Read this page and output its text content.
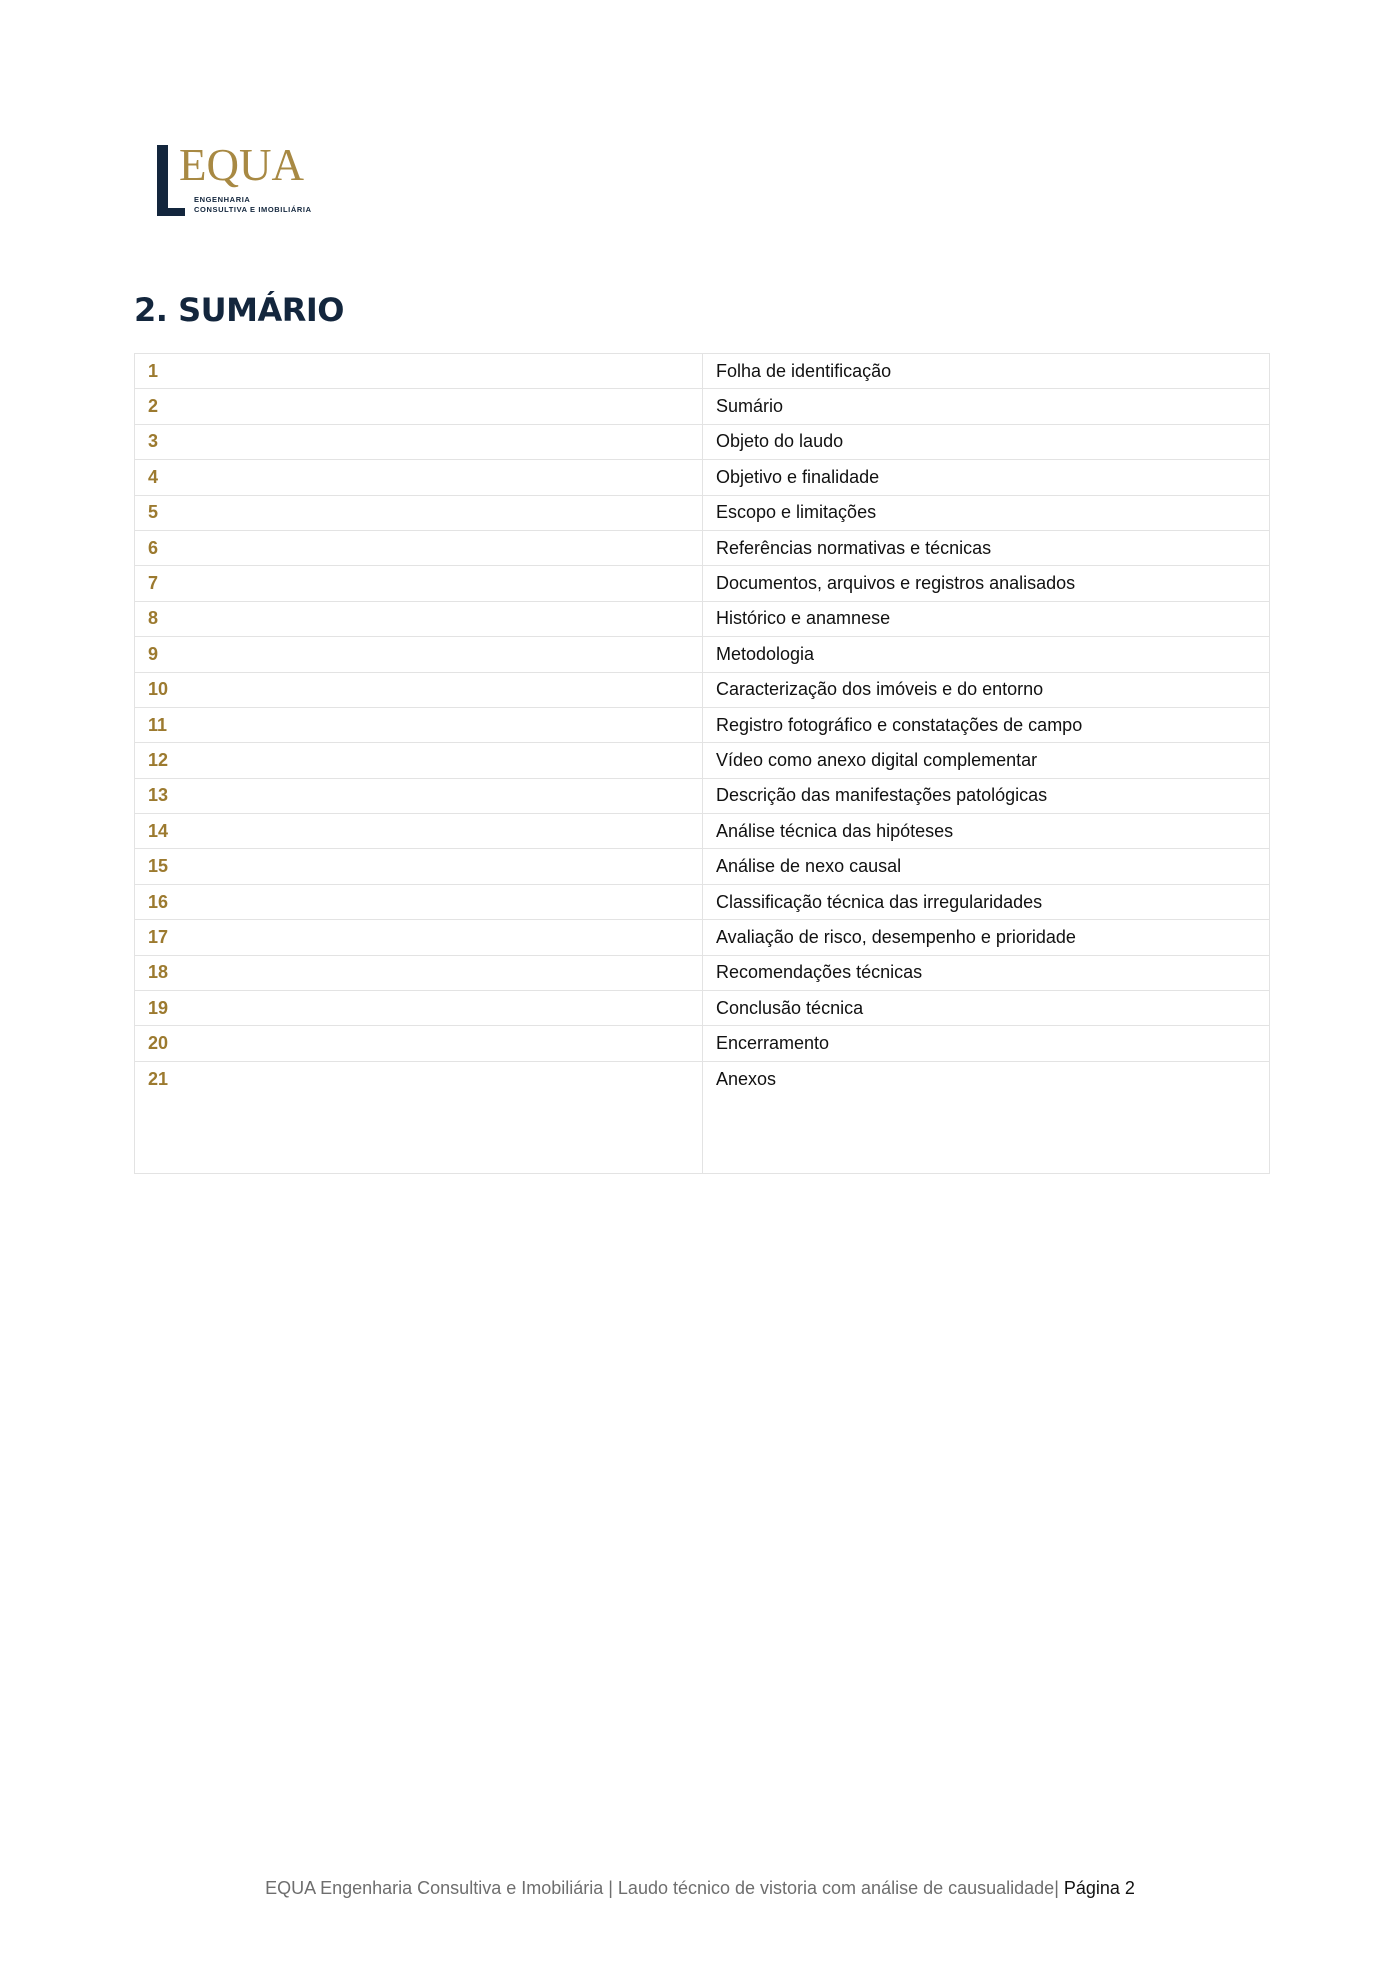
EQUA
ENGENHARIA
CONSULTIVA E IMOBILIÁRIA
2. SUMÁRIO
1	Folha de identificação
2	Sumário
3	Objeto do laudo
4	Objetivo e finalidade
5	Escopo e limitações
6	Referências normativas e técnicas
7	Documentos, arquivos e registros analisados
8	Histórico e anamnese
9	Metodologia
10	Caracterização dos imóveis e do entorno
11	Registro fotográfico e constatações de campo
12	Vídeo como anexo digital complementar
13	Descrição das manifestações patológicas
14	Análise técnica das hipóteses
15	Análise de nexo causal
16	Classificação técnica das irregularidades
17	Avaliação de risco, desempenho e prioridade
18	Recomendações técnicas
19	Conclusão técnica
20	Encerramento
21	Anexos
EQUA Engenharia Consultiva e Imobiliária | Laudo técnico de vistoria com análise de causualidade| Página 2
